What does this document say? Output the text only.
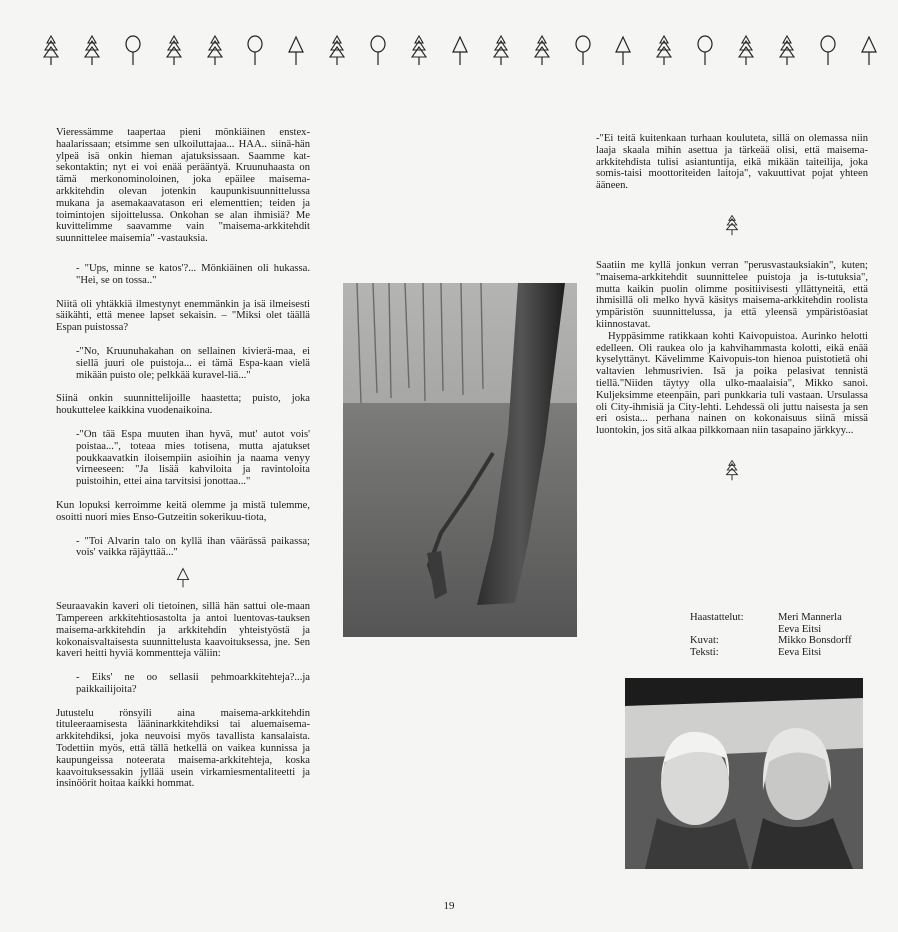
Vieressämme taapertaa pieni mönkiäinen enstex-haalarissaan; etsimme sen ulkoiluttajaa... HAA.. siinä-hän ylpeä isä onkin hieman ajatuksissaan. Saamme kat-sekontaktin; nyt ei voi enää perääntyä. Kruunuhaasta on tämä merkonominoloinen, joka epäilee maisema-arkkitehdin olevan jotenkin kaupunkisuunnittelussa mukana ja asemakaavatason eri elementtien; teiden ja toimintojen sijoittelussa. Onkohan se alan ihmisiä? Me kuvittelimme saavamme vain "maisema-arkkitehdit suunnittelee maisemia" -vastauksia.

- "Ups, minne se katos'?... Mönkiäinen oli hukassa. "Hei, se on tossa.."

Niitä oli yhtäkkiä ilmestynyt enemmänkin ja isä ilmeisesti säikähti, että menee lapset sekaisin. – "Miksi olet täällä Espan puistossa?

-"No, Kruunuhakahan on sellainen kivierä-maa, ei siellä juuri ole puistoja... ei tämä Espa-kaan vielä mikään puisto ole; pelkkää kuravel-liä..."

Siinä onkin suunnittelijoille haastetta; puisto, joka houkuttelee kaikkina vuodenaikoina.

-"On tää Espa muuten ihan hyvä, mut' autot vois' poistaa...", toteaa mies totisena, mutta ajatukset poukkaavatkin iloisempiin asioihin ja naama venyy virneeseen: "Ja lisää kahviloita ja ravintoloita puistoihin, ettei aina tarvitsisi jonottaa..."

Kun lopuksi kerroimme keitä olemme ja mistä tulemme, osoitti nuori mies Enso-Gutzeitin sokerikuu-tiota,

- "Toi Alvarin talo on kyllä ihan väärässä paikassa; vois' vaikka räjäyttää..."

Seuraavakin kaveri oli tietoinen, sillä hän sattui ole-maan Tampereen arkkitehtiosastolta ja antoi luentovas-tauksen maisema-arkkitehdin ja arkkitehdin yhteistyöstä ja kokonaisvaltaisesta suunnittelusta kaavoituksessa, jne. Sen kaveri heitti hyviä kommentteja väliin:

- Eiks' ne oo sellasii pehmoarkkitehteja?...ja paikkailijoita?

Jutustelu rönsyili aina maisema-arkkitehdin tituleeraamisesta lääninarkkitehdiksi tai aluemaisema-arkkitehdiksi, joka neuvoisi myös tavallista kansalaista. Todettiin myös, että tällä hetkellä on vaikea kunnissa ja kaupungeissa noteerata maisema-arkkitehteja, koska kaavoituksessakin jyllää usein virkamiesmentaliteetti ja insinöörit hoitaa kaikki hommat.

-"Ei teitä kuitenkaan turhaan kouluteta, sillä on olemassa niin laaja skaala mihin asettua ja tärkeää olisi, että maisema-arkkitehdista tulisi asiantuntija, eikä mikään taiteilija, joka somis-taisi moottoriteiden laitoja", vakuuttivat pojat yhteen ääneen.

Saatiin me kyllä jonkun verran "perusvastauksiakin", kuten; "maisema-arkkitehdit suunnittelee puistoja ja is-tutuksia", mutta kaikin puolin olimme positiivisesti yllättyneitä, että ihmisillä oli melko hyvä käsitys maisema-arkkitehdin roolista ympäristön suunnittelussa, ja että yleensä ympäristöasiat kiinnostavat.

Hyppäsimme ratikkaan kohti Kaivopuistoa. Aurinko helotti edelleen. Oli raukea olo ja kahvihammasta kolotti, eikä enää kyselyttänyt. Kävelimme Kaivopuis-ton hienoa puistotietä ohi valtavien lehmusrivien. Isä ja poika pelasivat tennistä tiellä."Niiden täytyy olla ulko-maalaisia", Mikko sanoi. Kuljeksimme eteenpäin, pari punkkaria tuli vastaan. Ursulassa oli City-ihmisiä ja City-lehti. Lehdessä oli juttu naisesta ja sen eri osista... perhana nainen on kokonaisuus siinä missä luontokin, jos sitä alkaa pilkkomaan niin tasapaino järkkyy...

Haastattelut:	Meri Mannerla
Eeva Eitsi
Kuvat:	Mikko Bonsdorff
Teksti:	Eeva Eitsi
19
